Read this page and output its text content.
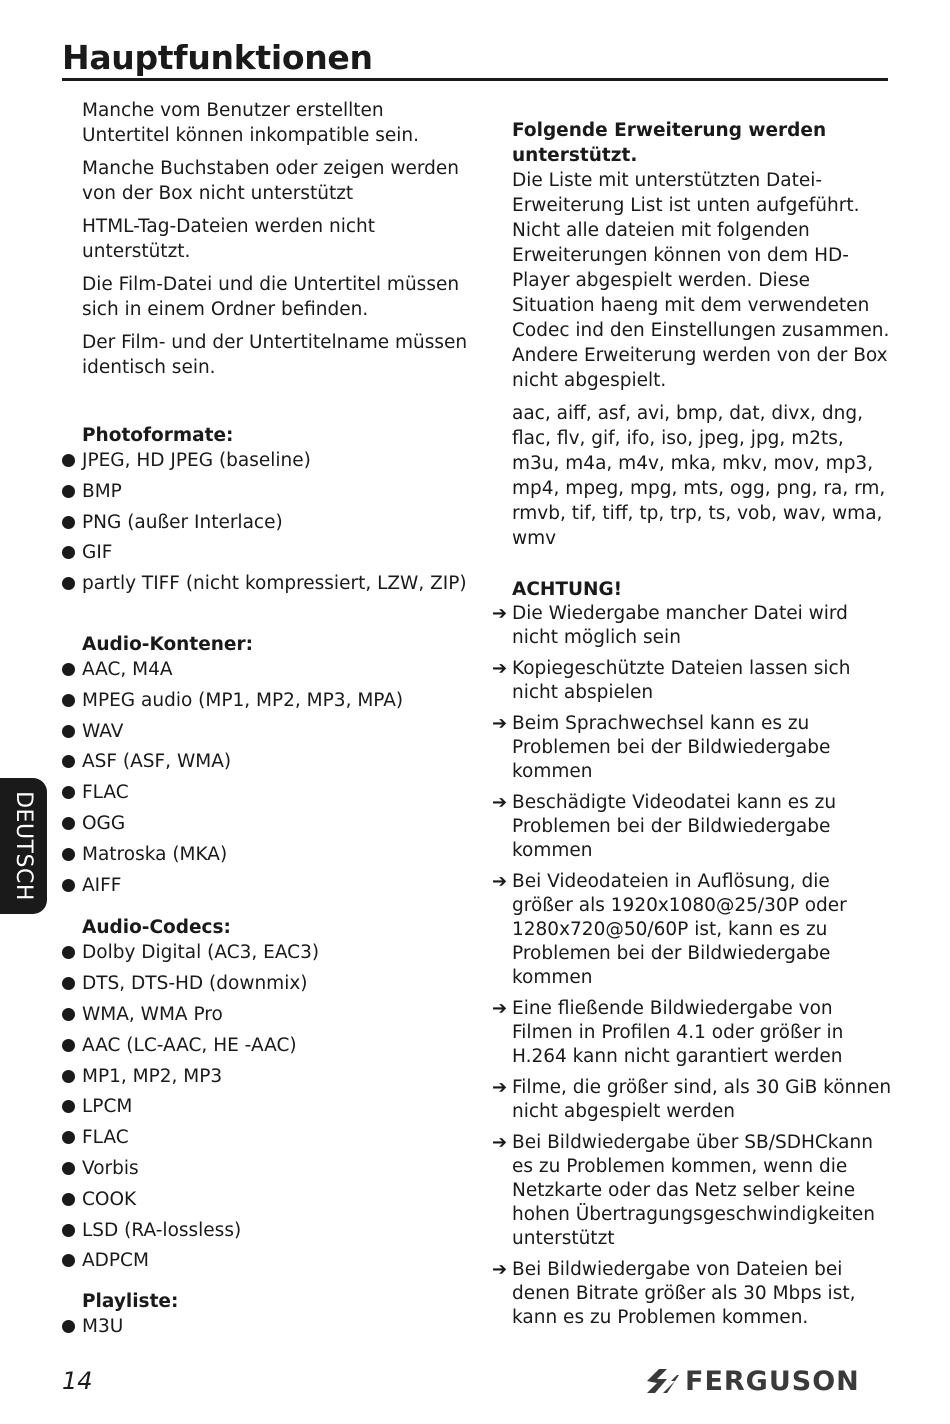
Hauptfunktionen

Manche vom Benutzer erstellten Untertitel können inkompatible sein.

Manche Buchstaben oder zeigen werden von der Box nicht unterstützt

HTML-Tag-Dateien werden nicht unterstützt.

Die Film-Datei und die Untertitel müssen sich in einem Ordner befinden.

Der Film- und der Untertitelname müssen identisch sein.

Photoformate:
JPEG, HD JPEG (baseline)
BMP
PNG (außer Interlace)
GIF
partly TIFF (nicht kompressiert, LZW, ZIP)
Audio-Kontener:
AAC, M4A
MPEG audio (MP1, MP2, MP3, MPA)
WAV
ASF (ASF, WMA)
FLAC
OGG
Matroska (MKA)
AIFF
Audio-Codecs:
Dolby Digital (AC3, EAC3)
DTS, DTS-HD (downmix)
WMA, WMA Pro
AAC (LC-AAC, HE -AAC)
MP1, MP2, MP3
LPCM
FLAC
Vorbis
COOK
LSD (RA-lossless)
ADPCM
Playliste:
M3U
Folgende Erweiterung werden unterstützt.

Die Liste mit unterstützten Datei-Erweiterung List ist unten aufgeführt. Nicht alle dateien mit folgenden Erweiterungen können von dem HD-Player abgespielt werden. Diese Situation haeng mit dem verwendeten Codec ind den Einstellungen zusammen. Andere Erweiterung werden von der Box nicht abgespielt.

aac, aiff, asf, avi, bmp, dat, divx, dng, flac, flv, gif, ifo, iso, jpeg, jpg, m2ts, m3u, m4a, m4v, mka, mkv, mov, mp3, mp4, mpeg, mpg, mts, ogg, png, ra, rm, rmvb, tif, tiff, tp, trp, ts, vob, wav, wma, wmv

ACHTUNG!
➔ Die Wiedergabe mancher Datei wird nicht möglich sein
➔ Kopiegeschützte Dateien lassen sich nicht abspielen
➔ Beim Sprachwechsel kann es zu Problemen bei der Bildwiedergabe kommen
➔ Beschädigte Videodatei kann es zu Problemen bei der Bildwiedergabe kommen
➔ Bei Videodateien in Auflösung, die größer als 1920x1080@25/30P oder 1280x720@50/60P ist, kann es zu Problemen bei der Bildwiedergabe kommen
➔ Eine fließende Bildwiedergabe von Filmen in Profilen 4.1 oder größer in H.264 kann nicht garantiert werden
➔ Filme, die größer sind, als 30 GiB können nicht abgespielt werden
➔ Bei Bildwiedergabe über SB/SDHCkann es zu Problemen kommen, wenn die Netzkarte oder das Netz selber keine hohen Übertragungsgeschwindigkeiten unterstützt
➔ Bei Bildwiedergabe von Dateien bei denen Bitrate größer als 30 Mbps ist, kann es zu Problemen kommen.
DEUTSCH
14	FERGUSON
